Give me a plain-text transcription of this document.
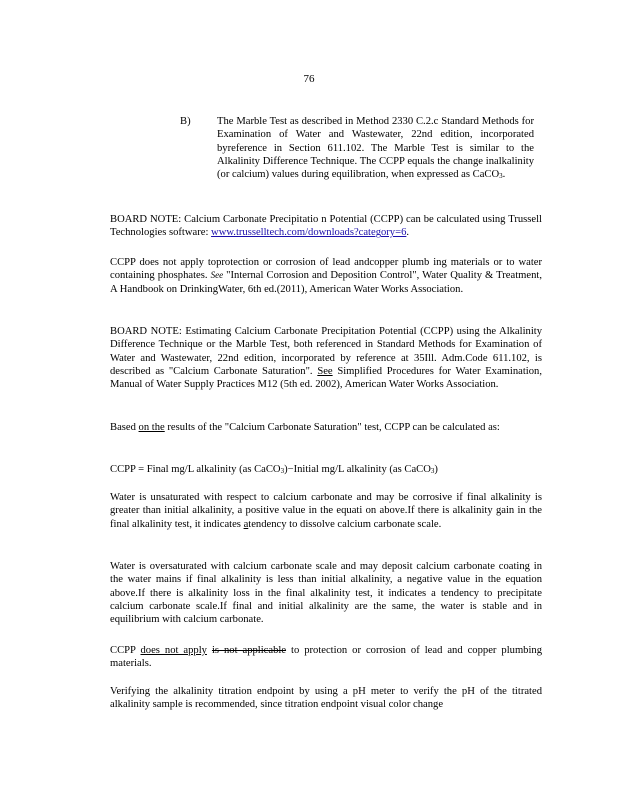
76
B) The Marble Test as described in Method 2330 C.2.c Standard Methods for Examination of Water and Wastewater, 22nd edition, incorporated byreference in Section 611.102. The Marble Test is similar to the Alkalinity Difference Technique. The CCPP equals the change inalkalinity (or calcium) values during equilibration, when expressed as CaCO3.
BOARD NOTE: Calcium Carbonate Precipitatio n Potential (CCPP) can be calculated using Trussell Technologies software: www.trusselltech.com/downloads?category=6.
CCPP does not apply toprotection or corrosion of lead andcopper plumb ing materials or to water containing phosphates. See "Internal Corrosion and Deposition Control", Water Quality & Treatment, A Handbook on DrinkingWater, 6th ed.(2011), American Water Works Association.
BOARD NOTE: Estimating Calcium Carbonate Precipitation Potential (CCPP) using the Alkalinity Difference Technique or the Marble Test, both referenced in Standard Methods for Examination of Water and Wastewater, 22nd edition, incorporated by reference at 35Ill. Adm.Code 611.102, is described as "Calcium Carbonate Saturation". See Simplified Procedures for Water Examination, Manual of Water Supply Practices M12 (5th ed. 2002), American Water Works Association.
Based on the results of the "Calcium Carbonate Saturation" test, CCPP can be calculated as:
CCPP = Final mg/L alkalinity (as CaCO3)−Initial mg/L alkalinity (as CaCO3)
Water is unsaturated with respect to calcium carbonate and may be corrosive if final alkalinity is greater than initial alkalinity, a positive value in the equati on above.If there is alkalinity gain in the final alkalinity test, it indicates atendency to dissolve calcium carbonate scale.
Water is oversaturated with calcium carbonate scale and may deposit calcium carbonate coating in the water mains if final alkalinity is less than initial alkalinity, a negative value in the equation above.If there is alkalinity loss in the final alkalinity test, it indicates a tendency to precipitate calcium carbonate scale.If final and initial alkalinity are the same, the water is stable and in equilibrium with calcium carbonate.
CCPP does not apply is not applicable to protection or corrosion of lead and copper plumbing materials.
Verifying the alkalinity titration endpoint by using a pH meter to verify the pH of the titrated alkalinity sample is recommended, since titration endpoint visual color change
